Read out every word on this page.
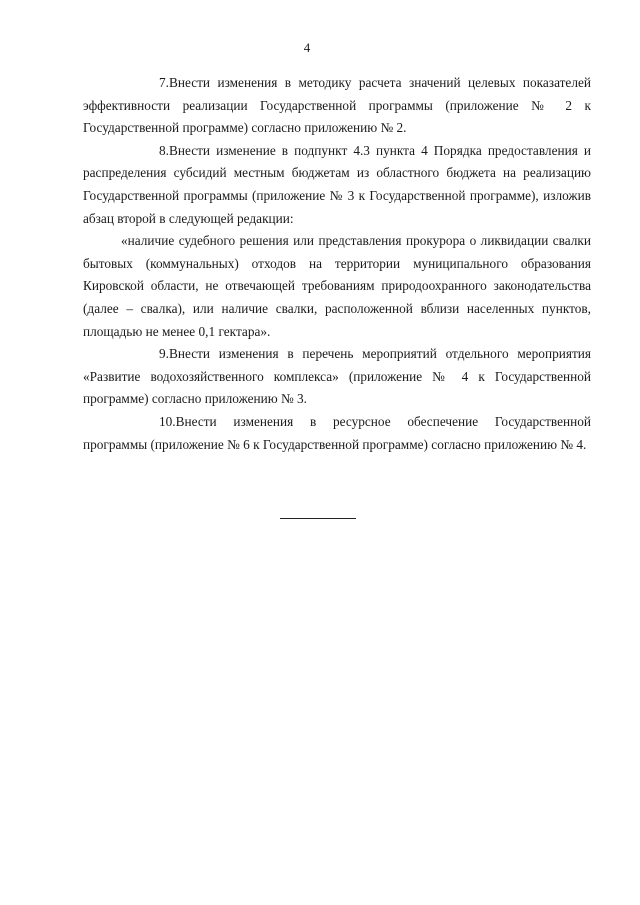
4

7.Внести изменения в методику расчета значений целевых показателей эффективности реализации Государственной программы (приложение № 2 к Государственной программе) согласно приложению № 2.

8.Внести изменение в подпункт 4.3 пункта 4 Порядка предоставления и распределения субсидий местным бюджетам из областного бюджета на реализацию Государственной программы (приложение № 3 к Государственной программе), изложив абзац второй в следующей редакции:

«наличие судебного решения или представления прокурора о ликвидации свалки бытовых (коммунальных) отходов на территории муниципального образования Кировской области, не отвечающей требованиям природоохранного законодательства (далее – свалка), или наличие свалки, расположенной вблизи населенных пунктов, площадью не менее 0,1 гектара».

9.Внести изменения в перечень мероприятий отдельного мероприятия «Развитие водохозяйственного комплекса» (приложение № 4 к Государственной программе) согласно приложению № 3.

10.Внести изменения в ресурсное обеспечение Государственной программы (приложение № 6 к Государственной программе) согласно приложению № 4.
